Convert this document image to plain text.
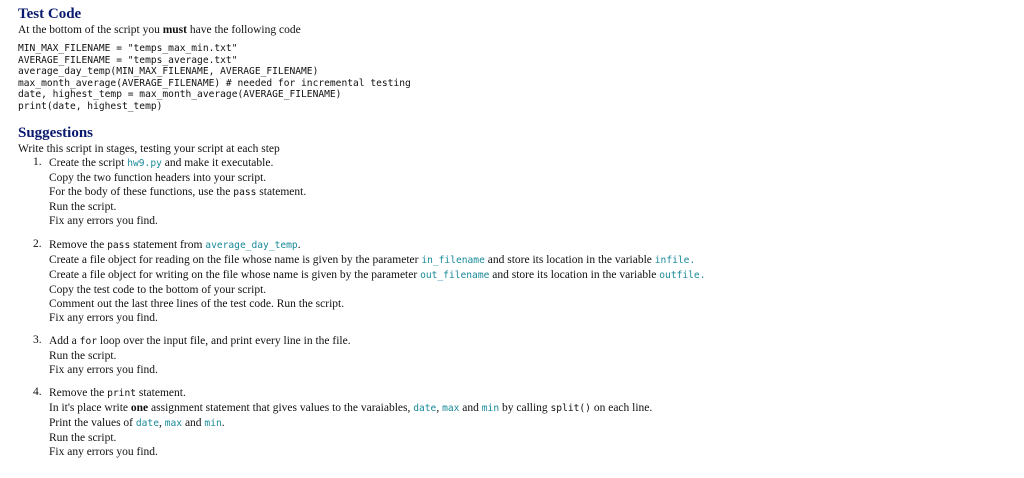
Test Code
At the bottom of the script you must have the following code
MIN_MAX_FILENAME = "temps_max_min.txt"
AVERAGE_FILENAME = "temps_average.txt"
average_day_temp(MIN_MAX_FILENAME, AVERAGE_FILENAME)
max_month_average(AVERAGE_FILENAME) # needed for incremental testing
date, highest_temp = max_month_average(AVERAGE_FILENAME)
print(date, highest_temp)
Suggestions
Write this script in stages, testing your script at each step
1. Create the script hw9.py and make it executable.
Copy the two function headers into your script.
For the body of these functions, use the pass statement.
Run the script.
Fix any errors you find.
2. Remove the pass statement from average_day_temp.
Create a file object for reading on the file whose name is given by the parameter in_filename and store its location in the variable infile.
Create a file object for writing on the file whose name is given by the parameter out_filename and store its location in the variable outfile.
Copy the test code to the bottom of your script.
Comment out the last three lines of the test code. Run the script.
Fix any errors you find.
3. Add a for loop over the input file, and print every line in the file.
Run the script.
Fix any errors you find.
4. Remove the print statement.
In it's place write one assignment statement that gives values to the varaiables, date, max and min by calling split() on each line.
Print the values of date, max and min.
Run the script.
Fix any errors you find.
